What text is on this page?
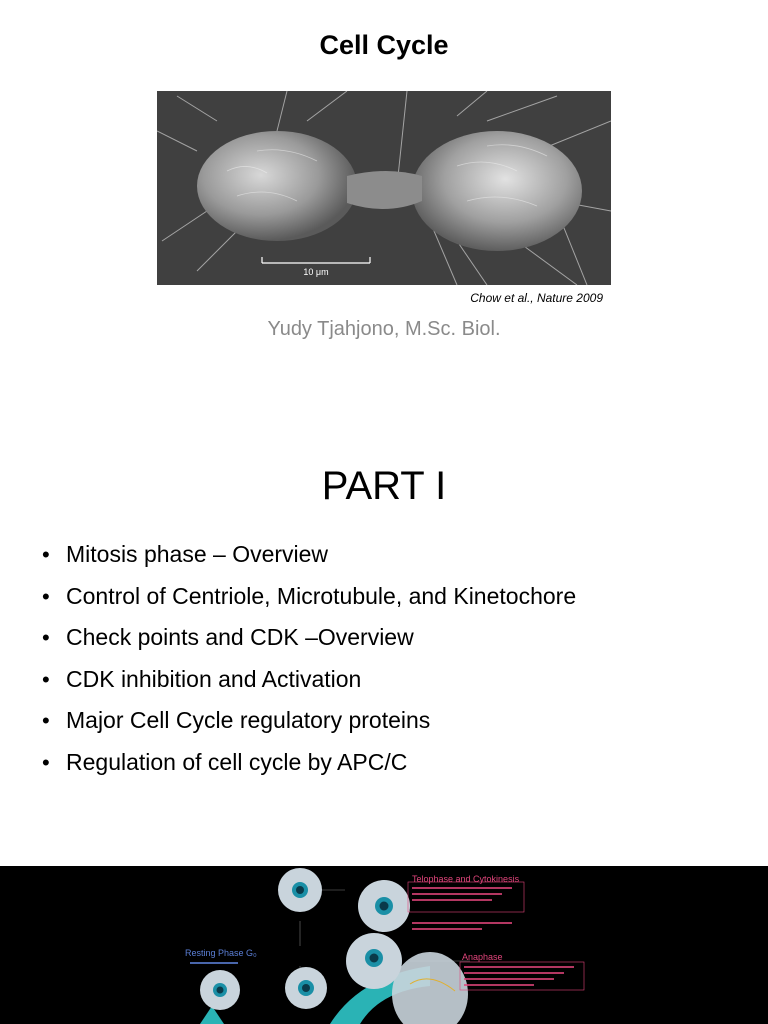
Cell Cycle
10 μm
Chow et al., Nature 2009
Yudy Tjahjono, M.Sc. Biol.
PART I
• Mitosis phase – Overview
• Control of Centriole, Microtubule, and Kinetochore
• Check points and CDK –Overview
• CDK inhibition and Activation
• Major Cell Cycle regulatory proteins
• Regulation of cell cycle by APC/C
Telophase and Cytokinesis
Resting Phase G₀	Anaphase
